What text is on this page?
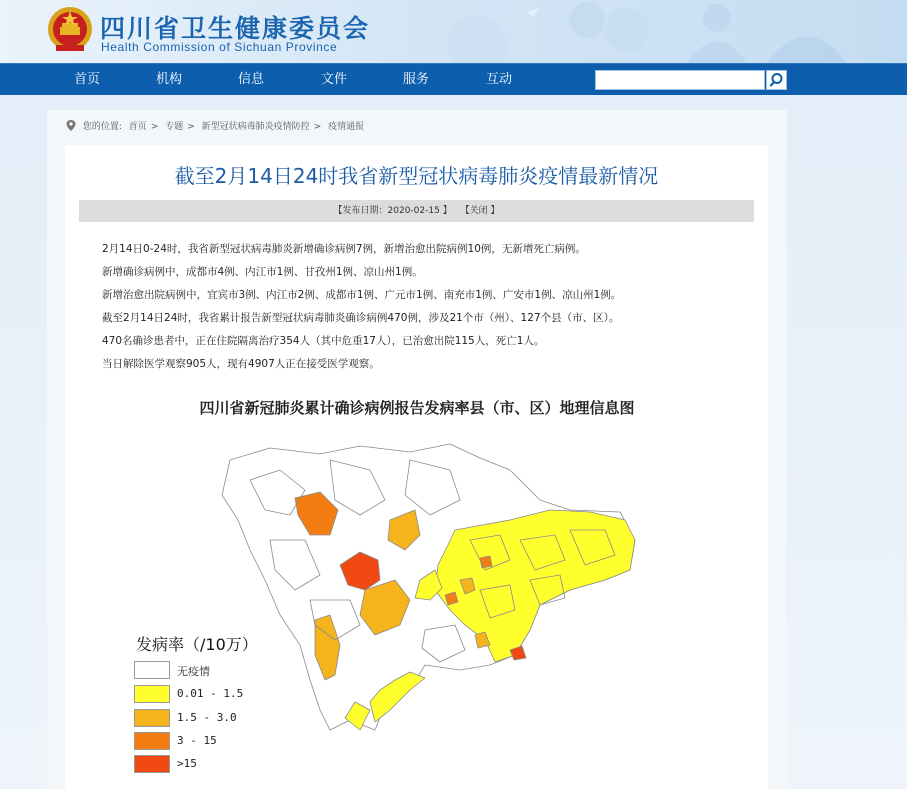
四川省卫生健康委员会
Health Commission of Sichuan Province
首页	机构	信息	文件	服务	互动
您的位置: 首页 > 专题 > 新型冠状病毒肺炎疫情防控 > 疫情通报
截至2月14日24时我省新型冠状病毒肺炎疫情最新情况
【发布日期：2020-02-15 】 【关闭 】
2月14日0-24时，我省新型冠状病毒肺炎新增确诊病例7例，新增治愈出院病例10例，无新增死亡病例。
新增确诊病例中，成都市4例、内江市1例、甘孜州1例、凉山州1例。
新增治愈出院病例中，宜宾市3例、内江市2例、成都市1例、广元市1例、南充市1例、广安市1例、凉山州1例。
截至2月14日24时，我省累计报告新型冠状病毒肺炎确诊病例470例，涉及21个市（州）、127个县（市、区）。
470名确诊患者中，正在住院隔离治疗354人（其中危重17人），已治愈出院115人，死亡1人。
当日解除医学观察905人，现有4907人正在接受医学观察。
四川省新冠肺炎累计确诊病例报告发病率县（市、区）地理信息图
发病率（/10万）
无疫情
0.01 - 1.5
1.5 - 3.0
3 - 15
>15
